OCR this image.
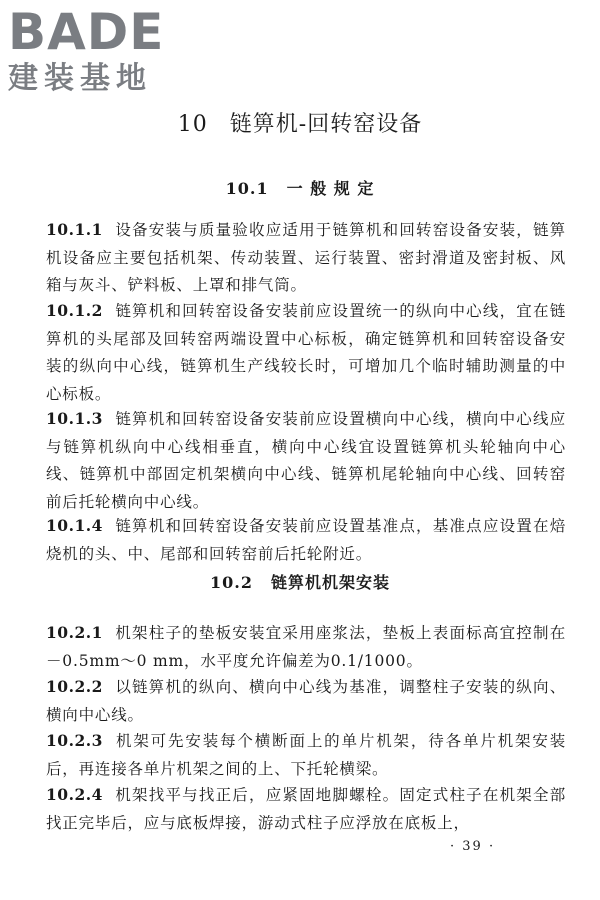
BADE
建装基地
10 链箅机-回转窑设备
10.1 一 般 规 定

10.1.1 设备安装与质量验收应适用于链箅机和回转窑设备安装，链箅机设备应主要包括机架、传动装置、运行装置、密封滑道及密封板、风箱与灰斗、铲料板、上罩和排气筒。

10.1.2 链箅机和回转窑设备安装前应设置统一的纵向中心线，宜在链箅机的头尾部及回转窑两端设置中心标板，确定链箅机和回转窑设备安装的纵向中心线，链箅机生产线较长时，可增加几个临时辅助测量的中心标板。

10.1.3 链箅机和回转窑设备安装前应设置横向中心线，横向中心线应与链箅机纵向中心线相垂直，横向中心线宜设置链箅机头轮轴向中心线、链箅机中部固定机架横向中心线、链箅机尾轮轴向中心线、回转窑前后托轮横向中心线。

10.1.4 链箅机和回转窑设备安装前应设置基准点，基准点应设置在焙烧机的头、中、尾部和回转窑前后托轮附近。

10.2 链箅机机架安装

10.2.1 机架柱子的垫板安装宜采用座浆法，垫板上表面标高宜控制在－0.5mm～0 mm，水平度允许偏差为0.1/1000。

10.2.2 以链箅机的纵向、横向中心线为基准，调整柱子安装的纵向、横向中心线。

10.2.3 机架可先安装每个横断面上的单片机架，待各单片机架安装后，再连接各单片机架之间的上、下托轮横梁。

10.2.4 机架找平与找正后，应紧固地脚螺栓。固定式柱子在机架全部找正完毕后，应与底板焊接，游动式柱子应浮放在底板上，

· 39 ·
